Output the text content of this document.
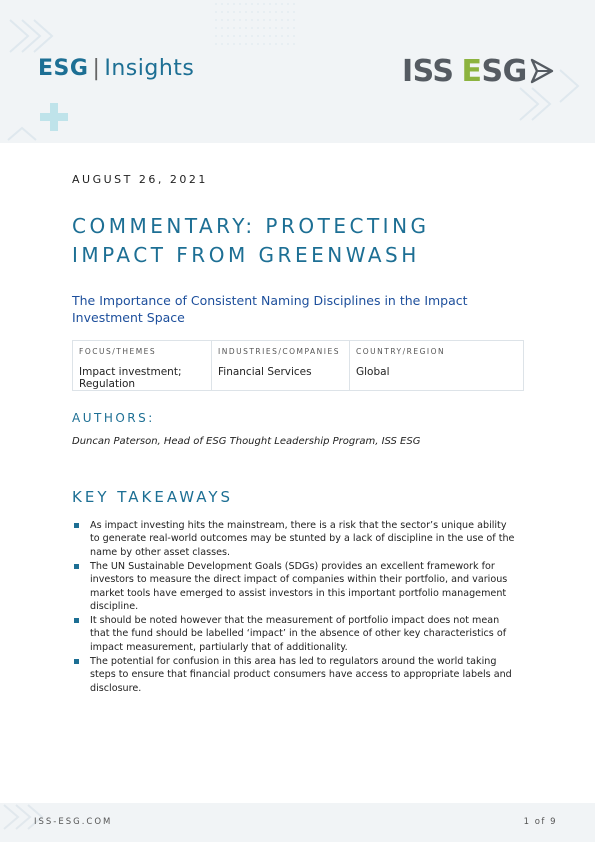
ESG | Insights	ISS ESG
AUGUST 26, 2021
COMMENTARY: PROTECTING
IMPACT FROM GREENWASH
The Importance of Consistent Naming Disciplines in the Impact Investment Space
FOCUS/THEMES	INDUSTRIES/COMPANIES	COUNTRY/REGION
Impact investment; Regulation	Financial Services	Global
AUTHORS:
Duncan Paterson, Head of ESG Thought Leadership Program, ISS ESG
KEY TAKEAWAYS
As impact investing hits the mainstream, there is a risk that the sector’s unique ability to generate real-world outcomes may be stunted by a lack of discipline in the use of the name by other asset classes.
The UN Sustainable Development Goals (SDGs) provides an excellent framework for investors to measure the direct impact of companies within their portfolio, and various market tools have emerged to assist investors in this important portfolio management discipline.
It should be noted however that the measurement of portfolio impact does not mean that the fund should be labelled ‘impact’ in the absence of other key characteristics of impact measurement, partiularly that of additionality.
The potential for confusion in this area has led to regulators around the world taking steps to ensure that financial product consumers have access to appropriate labels and disclosure.
ISS-ESG.COM	1 of 9
